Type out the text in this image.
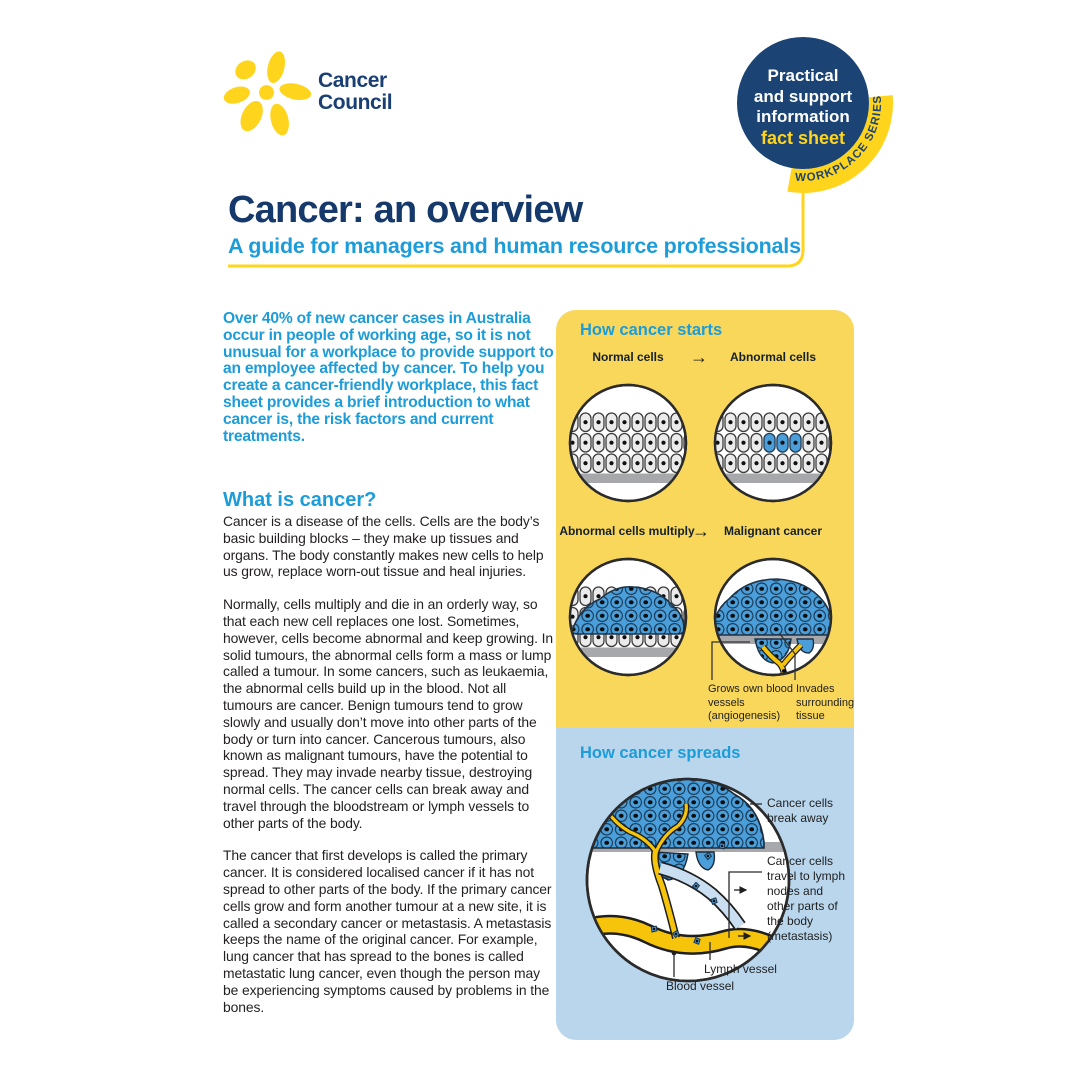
WORKPLACE SERIES
Cancer
Council
Practical
and support
information
fact sheet
Cancer: an overview
A guide for managers and human resource professionals
Over 40% of new cancer cases in Australia occur in people of working age, so it is not unusual for a workplace to provide support to an employee affected by cancer. To help you create a cancer-friendly workplace, this fact sheet provides a brief introduction to what cancer is, the risk factors and current treatments.
What is cancer?

Cancer is a disease of the cells. Cells are the body’s basic building blocks – they make up tissues and organs. The body constantly makes new cells to help us grow, replace worn-out tissue and heal injuries.

Normally, cells multiply and die in an orderly way, so that each new cell replaces one lost. Sometimes, however, cells become abnormal and keep growing. In solid tumours, the abnormal cells form a mass or lump called a tumour. In some cancers, such as leukaemia, the abnormal cells build up in the blood. Not all tumours are cancer. Benign tumours tend to grow slowly and usually don’t move into other parts of the body or turn into cancer. Cancerous tumours, also known as malignant tumours, have the potential to spread. They may invade nearby tissue, destroying normal cells. The cancer cells can break away and travel through the bloodstream or lymph vessels to other parts of the body.

The cancer that first develops is called the primary cancer. It is considered localised cancer if it has not spread to other parts of the body. If the primary cancer cells grow and form another tumour at a new site, it is called a secondary cancer or metastasis. A metastasis keeps the name of the original cancer. For example, lung cancer that has spread to the bones is called metastatic lung cancer, even though the person may be experiencing symptoms caused by problems in the bones.

How cancer starts
Normal cells	→	Abnormal cells
Abnormal cells multiply
→	Malignant cancer
Grows own blood vessels (angiogenesis)
Invades surrounding tissue
How cancer spreads
Cancer cells break away
Cancer cells travel to lymph nodes and other parts of the body (metastasis)
Lymph vessel
Blood vessel
